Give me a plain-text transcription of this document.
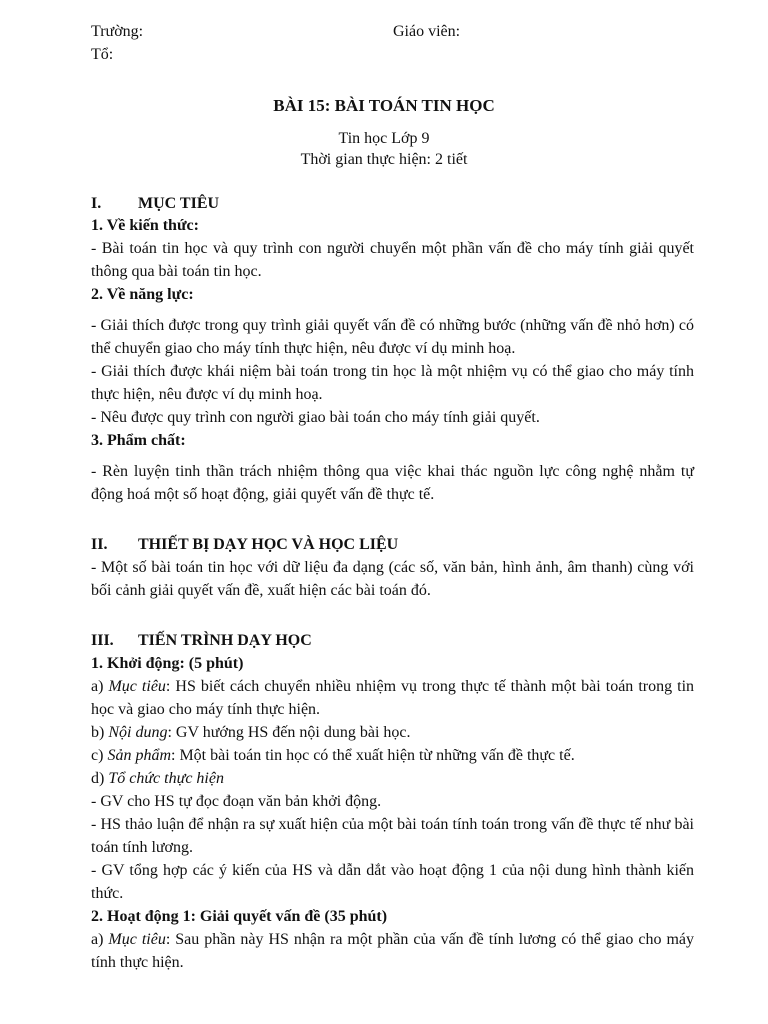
Trường:	Giáo viên:
Tổ:
BÀI 15: BÀI TOÁN TIN HỌC
Tin học Lớp 9
Thời gian thực hiện: 2 tiết
I. MỤC TIÊU

1. Về kiến thức:

- Bài toán tin học và quy trình con người chuyển một phần vấn đề cho máy tính giải quyết thông qua bài toán tin học.

2. Về năng lực:

- Giải thích được trong quy trình giải quyết vấn đề có những bước (những vấn đề nhỏ hơn) có thể chuyển giao cho máy tính thực hiện, nêu được ví dụ minh hoạ.

- Giải thích được khái niệm bài toán trong tin học là một nhiệm vụ có thể giao cho máy tính thực hiện, nêu được ví dụ minh hoạ.

- Nêu được quy trình con người giao bài toán cho máy tính giải quyết.

3. Phẩm chất:

- Rèn luyện tinh thần trách nhiệm thông qua việc khai thác nguồn lực công nghệ nhằm tự động hoá một số hoạt động, giải quyết vấn đề thực tế.

II. THIẾT BỊ DẠY HỌC VÀ HỌC LIỆU

- Một số bài toán tin học với dữ liệu đa dạng (các số, văn bản, hình ảnh, âm thanh) cùng với bối cảnh giải quyết vấn đề, xuất hiện các bài toán đó.

III. TIẾN TRÌNH DẠY HỌC

1. Khởi động: (5 phút)

a) Mục tiêu: HS biết cách chuyển nhiều nhiệm vụ trong thực tế thành một bài toán trong tin học và giao cho máy tính thực hiện.

b) Nội dung: GV hướng HS đến nội dung bài học.

c) Sản phẩm: Một bài toán tin học có thể xuất hiện từ những vấn đề thực tế.

d) Tổ chức thực hiện

- GV cho HS tự đọc đoạn văn bản khởi động.

- HS thảo luận để nhận ra sự xuất hiện của một bài toán tính toán trong vấn đề thực tế như bài toán tính lương.

- GV tổng hợp các ý kiến của HS và dẫn dắt vào hoạt động 1 của nội dung hình thành kiến thức.

2. Hoạt động 1: Giải quyết vấn đề (35 phút)

a) Mục tiêu: Sau phần này HS nhận ra một phần của vấn đề tính lương có thể giao cho máy tính thực hiện.
